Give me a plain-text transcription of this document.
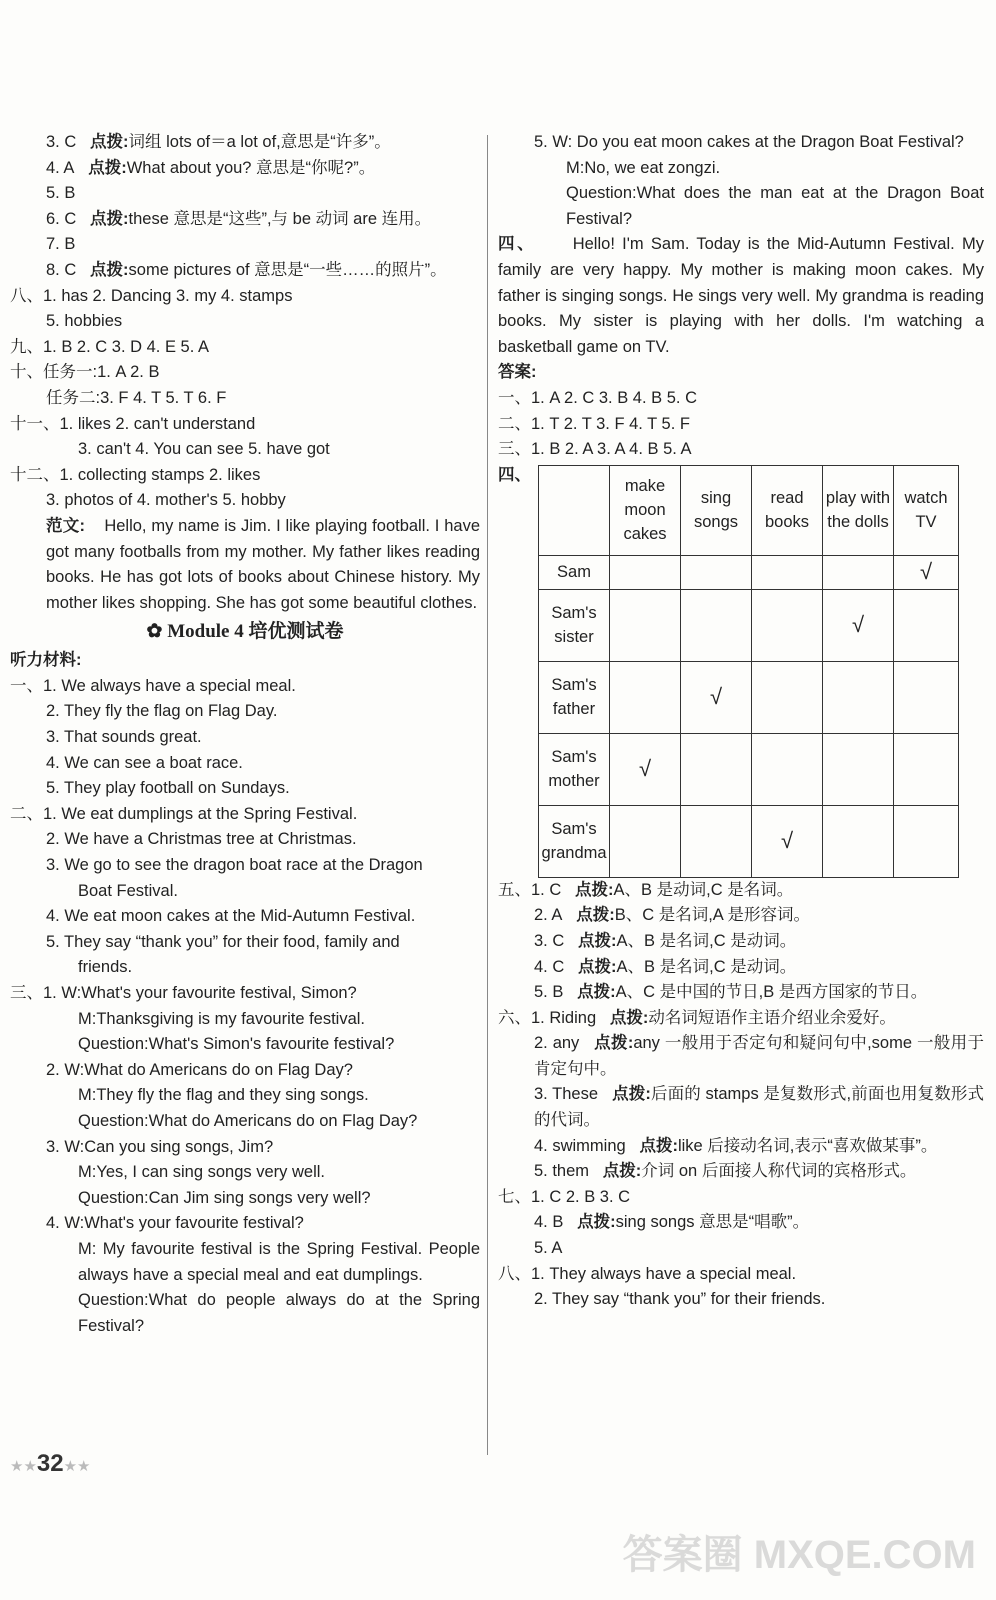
3. C 点拨:词组 lots of＝a lot of,意思是“许多”。
4. A 点拨:What about you? 意思是“你呢?”。
5. B
6. C 点拨:these 意思是“这些”,与 be 动词 are 连用。
7. B
8. C 点拨:some pictures of 意思是“一些……的照片”。
八、1. has 2. Dancing 3. my 4. stamps
5. hobbies
九、1. B 2. C 3. D 4. E 5. A
十、任务一:1. A 2. B
任务二:3. F 4. T 5. T 6. F
十一、1. likes 2. can't understand
3. can't 4. You can see 5. have got
十二、1. collecting stamps 2. likes
3. photos of 4. mother's 5. hobby
范文: Hello, my name is Jim. I like playing football. I have got many footballs from my mother. My father likes reading books. He has got lots of books about Chinese history. My mother likes shopping. She has got some beautiful clothes.
✿ Module 4 培优测试卷
听力材料:
一、1. We always have a special meal.
2. They fly the flag on Flag Day.
3. That sounds great.
4. We can see a boat race.
5. They play football on Sundays.
二、1. We eat dumplings at the Spring Festival.
2. We have a Christmas tree at Christmas.
3. We go to see the dragon boat race at the Dragon
Boat Festival.
4. We eat moon cakes at the Mid-Autumn Festival.
5. They say “thank you” for their food, family and
friends.
三、1. W:What's your favourite festival, Simon?
M:Thanksgiving is my favourite festival.
Question:What's Simon's favourite festival?
2. W:What do Americans do on Flag Day?
M:They fly the flag and they sing songs.
Question:What do Americans do on Flag Day?
3. W:Can you sing songs, Jim?
M:Yes, I can sing songs very well.
Question:Can Jim sing songs very well?
4. W:What's your favourite festival?
M: My favourite festival is the Spring Festival. People always have a special meal and eat dumplings.
Question:What do people always do at the Spring Festival?
5. W: Do you eat moon cakes at the Dragon Boat Festival?
M:No, we eat zongzi.
Question:What does the man eat at the Dragon Boat Festival?
四、 Hello! I'm Sam. Today is the Mid-Autumn Festival. My family are very happy. My mother is making moon cakes. My father is singing songs. He sings very well. My grandma is reading books. My sister is playing with her dolls. I'm watching a basketball game on TV.
答案:
一、1. A 2. C 3. B 4. B 5. C
二、1. T 2. T 3. F 4. T 5. F
三、1. B 2. A 3. A 4. B 5. A
四、
	make moon cakes	sing songs	read books	play with the dolls	watch TV
Sam					√
Sam's sister				√	
Sam's father		√			
Sam's mother	√				
Sam's grandma			√		
五、1. C 点拨:A、B 是动词,C 是名词。
2. A 点拨:B、C 是名词,A 是形容词。
3. C 点拨:A、B 是名词,C 是动词。
4. C 点拨:A、B 是名词,C 是动词。
5. B 点拨:A、C 是中国的节日,B 是西方国家的节日。
六、1. Riding 点拨:动名词短语作主语介绍业余爱好。
2. any 点拨:any 一般用于否定句和疑问句中,some 一般用于肯定句中。
3. These 点拨:后面的 stamps 是复数形式,前面也用复数形式的代词。
4. swimming 点拨:like 后接动名词,表示“喜欢做某事”。
5. them 点拨:介词 on 后面接人称代词的宾格形式。
七、1. C 2. B 3. C
4. B 点拨:sing songs 意思是“唱歌”。
5. A
八、1. They always have a special meal.
2. They say “thank you” for their friends.
★★32★★
答案圈 MXQE.COM
